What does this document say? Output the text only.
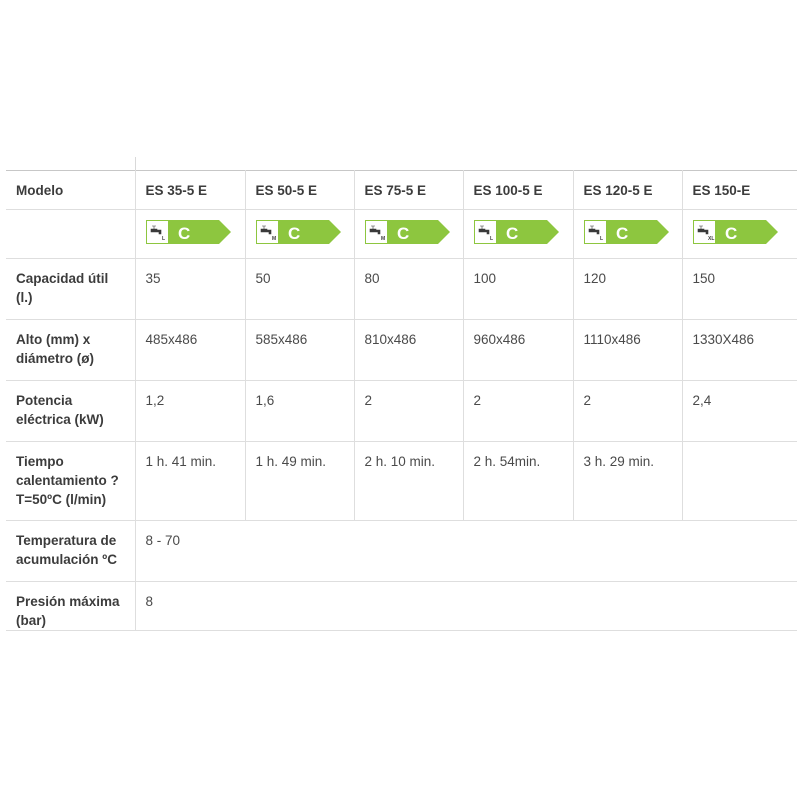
Modelo	ES 35-5 E	ES 50-5 E	ES 75-5 E	ES 100-5 E	ES 120-5 E	ES 150-E

L C	M C	M C	L C	L C	XL C

Capacidad útil (l.)	35	50	80	100	120	150
Alto (mm) x diámetro (ø)	485x486	585x486	810x486	960x486	1110x486	1330X486
Potencia eléctrica (kW)	1,2	1,6	2	2	2	2,4
Tiempo calentamiento ?T=50ºC (l/min)	1 h. 41 min.	1 h. 49 min.	2 h. 10 min.	2 h. 54min.	3 h. 29 min.	
Temperatura de acumulación ºC	8 - 70					
Presión máxima (bar)	8					
